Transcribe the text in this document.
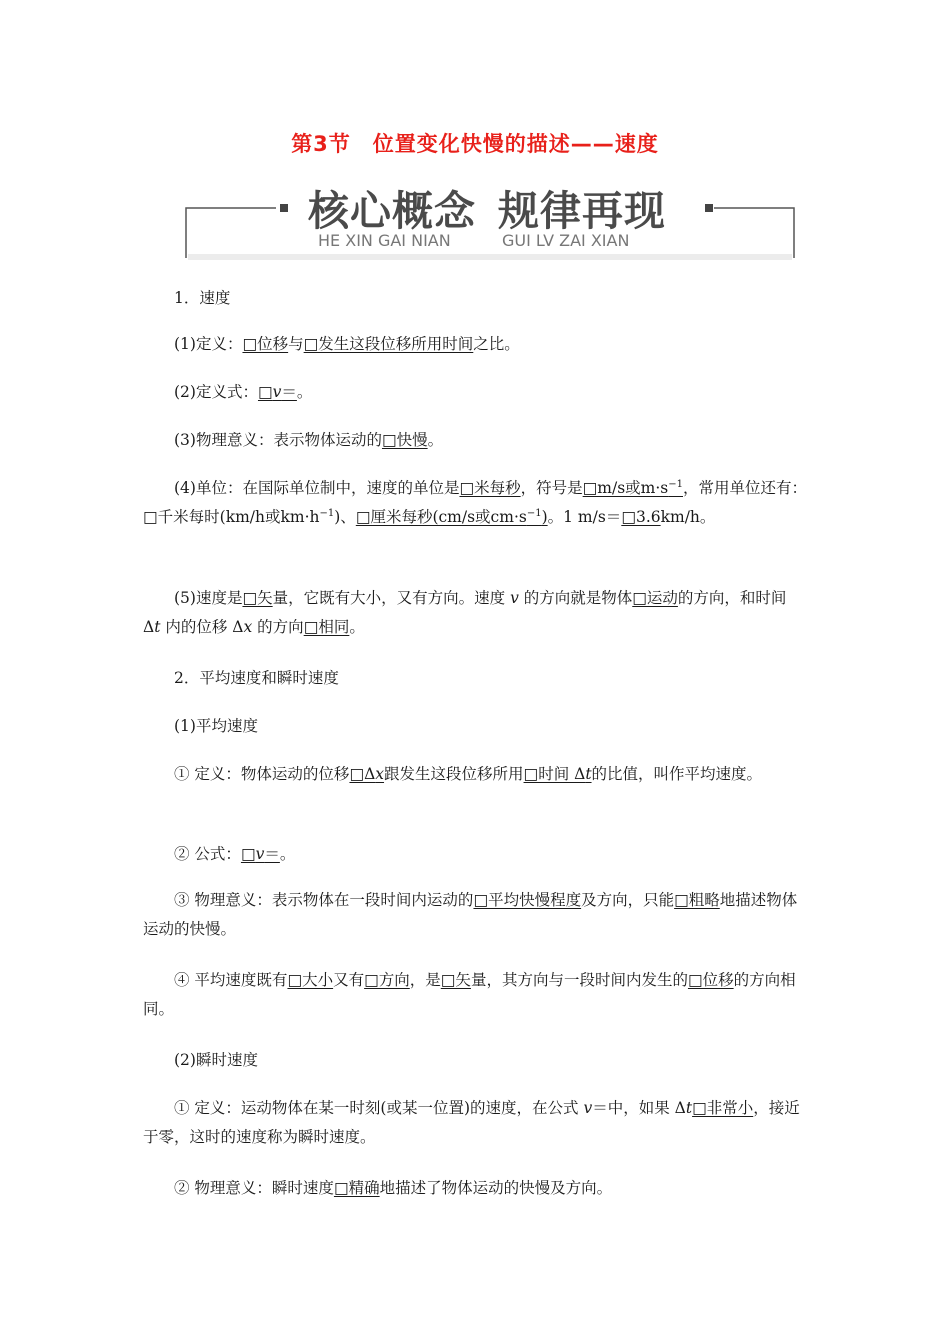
第3节　位置变化快慢的描述——速度
核心概念 规律再现
HE XIN GAI NIAN	GUI LV ZAI XIAN

1．速度

(1)定义：□位移与□发生这段位移所用时间之比。

(2)定义式：□v＝。

(3)物理意义：表示物体运动的□快慢。

(4)单位：在国际单位制中，速度的单位是□米每秒，符号是□m/s或$m\cdot s^{-1}$，常用单位还有：□千米每时(km/h或$km\cdot h^{-1}$)、□厘米每秒(cm/s或$cm\cdot s^{-1}$)。1 m/s＝□3.6km/h。

(5)速度是□矢量，它既有大小，又有方向。速度 v 的方向就是物体□运动的方向，和时间 Δt 内的位移 Δx 的方向□相同。

2．平均速度和瞬时速度

(1)平均速度

① 定义：物体运动的位移□Δx跟发生这段位移所用□时间 Δt的比值，叫作平均速度。

② 公式：□v＝。

③ 物理意义：表示物体在一段时间内运动的□平均快慢程度及方向，只能□粗略地描述物体运动的快慢。

④ 平均速度既有□大小又有□方向，是□矢量，其方向与一段时间内发生的□位移的方向相同。

(2)瞬时速度

① 定义：运动物体在某一时刻(或某一位置)的速度，在公式 v＝中，如果 Δt□非常小，接近于零，这时的速度称为瞬时速度。

② 物理意义：瞬时速度□精确地描述了物体运动的快慢及方向。
